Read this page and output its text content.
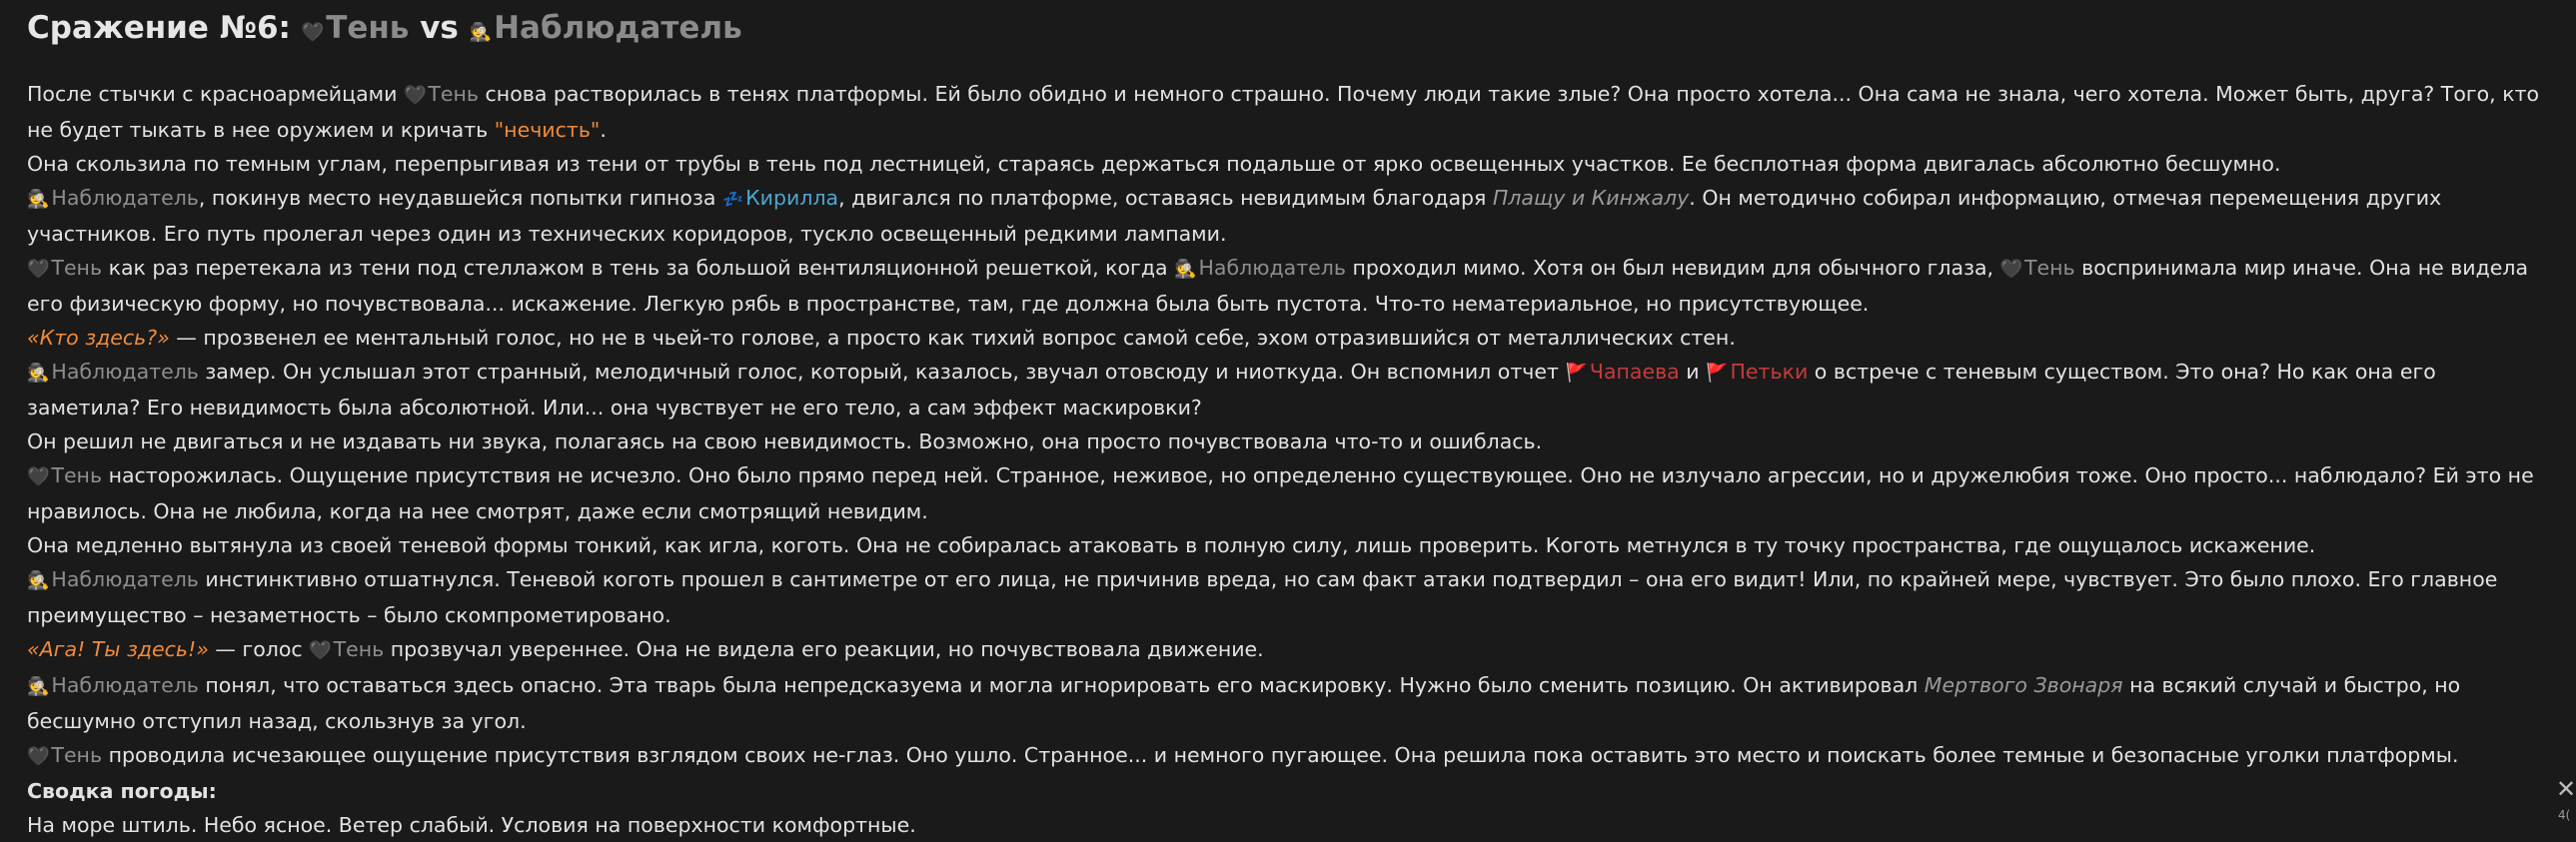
Сражение №6: 🖤Тень vs 🕵️Наблюдатель

После стычки с красноармейцами 🖤Тень снова растворилась в тенях платформы. Ей было обидно и немного страшно. Почему люди такие злые? Она просто хотела... Она сама не знала, чего хотела. Может быть, друга? Того, кто не будет тыкать в нее оружием и кричать "нечисть".

Она скользила по темным углам, перепрыгивая из тени от трубы в тень под лестницей, стараясь держаться подальше от ярко освещенных участков. Ее бесплотная форма двигалась абсолютно бесшумно.

🕵️Наблюдатель, покинув место неудавшейся попытки гипноза 💤Кирилла, двигался по платформе, оставаясь невидимым благодаря Плащу и Кинжалу. Он методично собирал информацию, отмечая перемещения других участников. Его путь пролегал через один из технических коридоров, тускло освещенный редкими лампами.

🖤Тень как раз перетекала из тени под стеллажом в тень за большой вентиляционной решеткой, когда 🕵️Наблюдатель проходил мимо. Хотя он был невидим для обычного глаза, 🖤Тень воспринимала мир иначе. Она не видела его физическую форму, но почувствовала... искажение. Легкую рябь в пространстве, там, где должна была быть пустота. Что-то нематериальное, но присутствующее.

«Кто здесь?» — прозвенел ее ментальный голос, но не в чьей-то голове, а просто как тихий вопрос самой себе, эхом отразившийся от металлических стен.

🕵️Наблюдатель замер. Он услышал этот странный, мелодичный голос, который, казалось, звучал отовсюду и ниоткуда. Он вспомнил отчет 🚩Чапаева и 🚩Петьки о встрече с теневым существом. Это она? Но как она его заметила? Его невидимость была абсолютной. Или... она чувствует не его тело, а сам эффект маскировки?

Он решил не двигаться и не издавать ни звука, полагаясь на свою невидимость. Возможно, она просто почувствовала что-то и ошиблась.

🖤Тень насторожилась. Ощущение присутствия не исчезло. Оно было прямо перед ней. Странное, неживое, но определенно существующее. Оно не излучало агрессии, но и дружелюбия тоже. Оно просто... наблюдало? Ей это не нравилось. Она не любила, когда на нее смотрят, даже если смотрящий невидим.

Она медленно вытянула из своей теневой формы тонкий, как игла, коготь. Она не собиралась атаковать в полную силу, лишь проверить. Коготь метнулся в ту точку пространства, где ощущалось искажение.

🕵️Наблюдатель инстинктивно отшатнулся. Теневой коготь прошел в сантиметре от его лица, не причинив вреда, но сам факт атаки подтвердил – она его видит! Или, по крайней мере, чувствует. Это было плохо. Его главное преимущество – незаметность – было скомпрометировано.

«Ага! Ты здесь!» — голос 🖤Тень прозвучал увереннее. Она не видела его реакции, но почувствовала движение.

🕵️Наблюдатель понял, что оставаться здесь опасно. Эта тварь была непредсказуема и могла игнорировать его маскировку. Нужно было сменить позицию. Он активировал Мертвого Звонаря на всякий случай и быстро, но бесшумно отступил назад, скользнув за угол.

🖤Тень проводила исчезающее ощущение присутствия взглядом своих не-глаз. Оно ушло. Странное... и немного пугающее. Она решила пока оставить это место и поискать более темные и безопасные уголки платформы.

Сводка погоды:

На море штиль. Небо ясное. Ветер слабый. Условия на поверхности комфортные.

✕
4(
